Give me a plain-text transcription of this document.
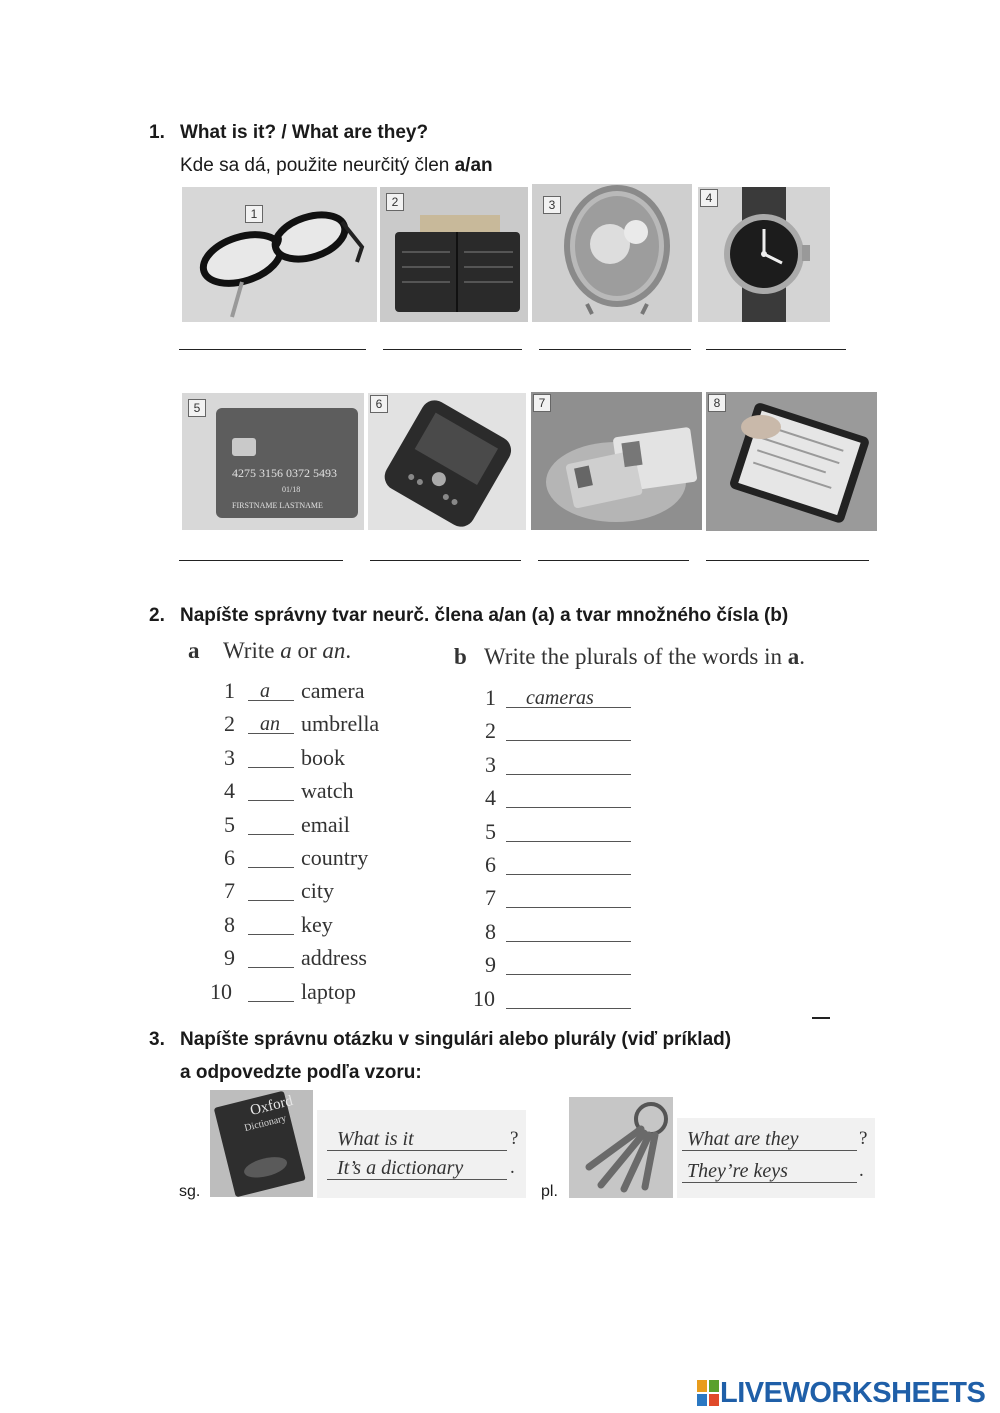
1. What is it? / What are they?
Kde sa dá, použite neurčitý člen a/an
1
2	3	4
4275 3156 0372 5493
01/18
FIRSTNAME LASTNAME
5	6	7	8
2. Napíšte správny tvar neurč. člena a/an (a) a tvar množného čísla (b)
a Write a or an.	b Write the plurals of the words in a.
1 a camera
2 an umbrella
3	book
4	watch
5	email
6	country
7	city
8	key
9	address
10	laptop
1 cameras
2
3
4
5
6
7
8
9
10
3. Napíšte správnu otázku v singulári alebo plurály (viď príklad)
a odpovedzte podľa vzoru:
sg.
Oxford
Dictionary
What is it	?
It’s a dictionary .
pl.
What are they	?
They’re keys	.
LIVEWORKSHEETS
